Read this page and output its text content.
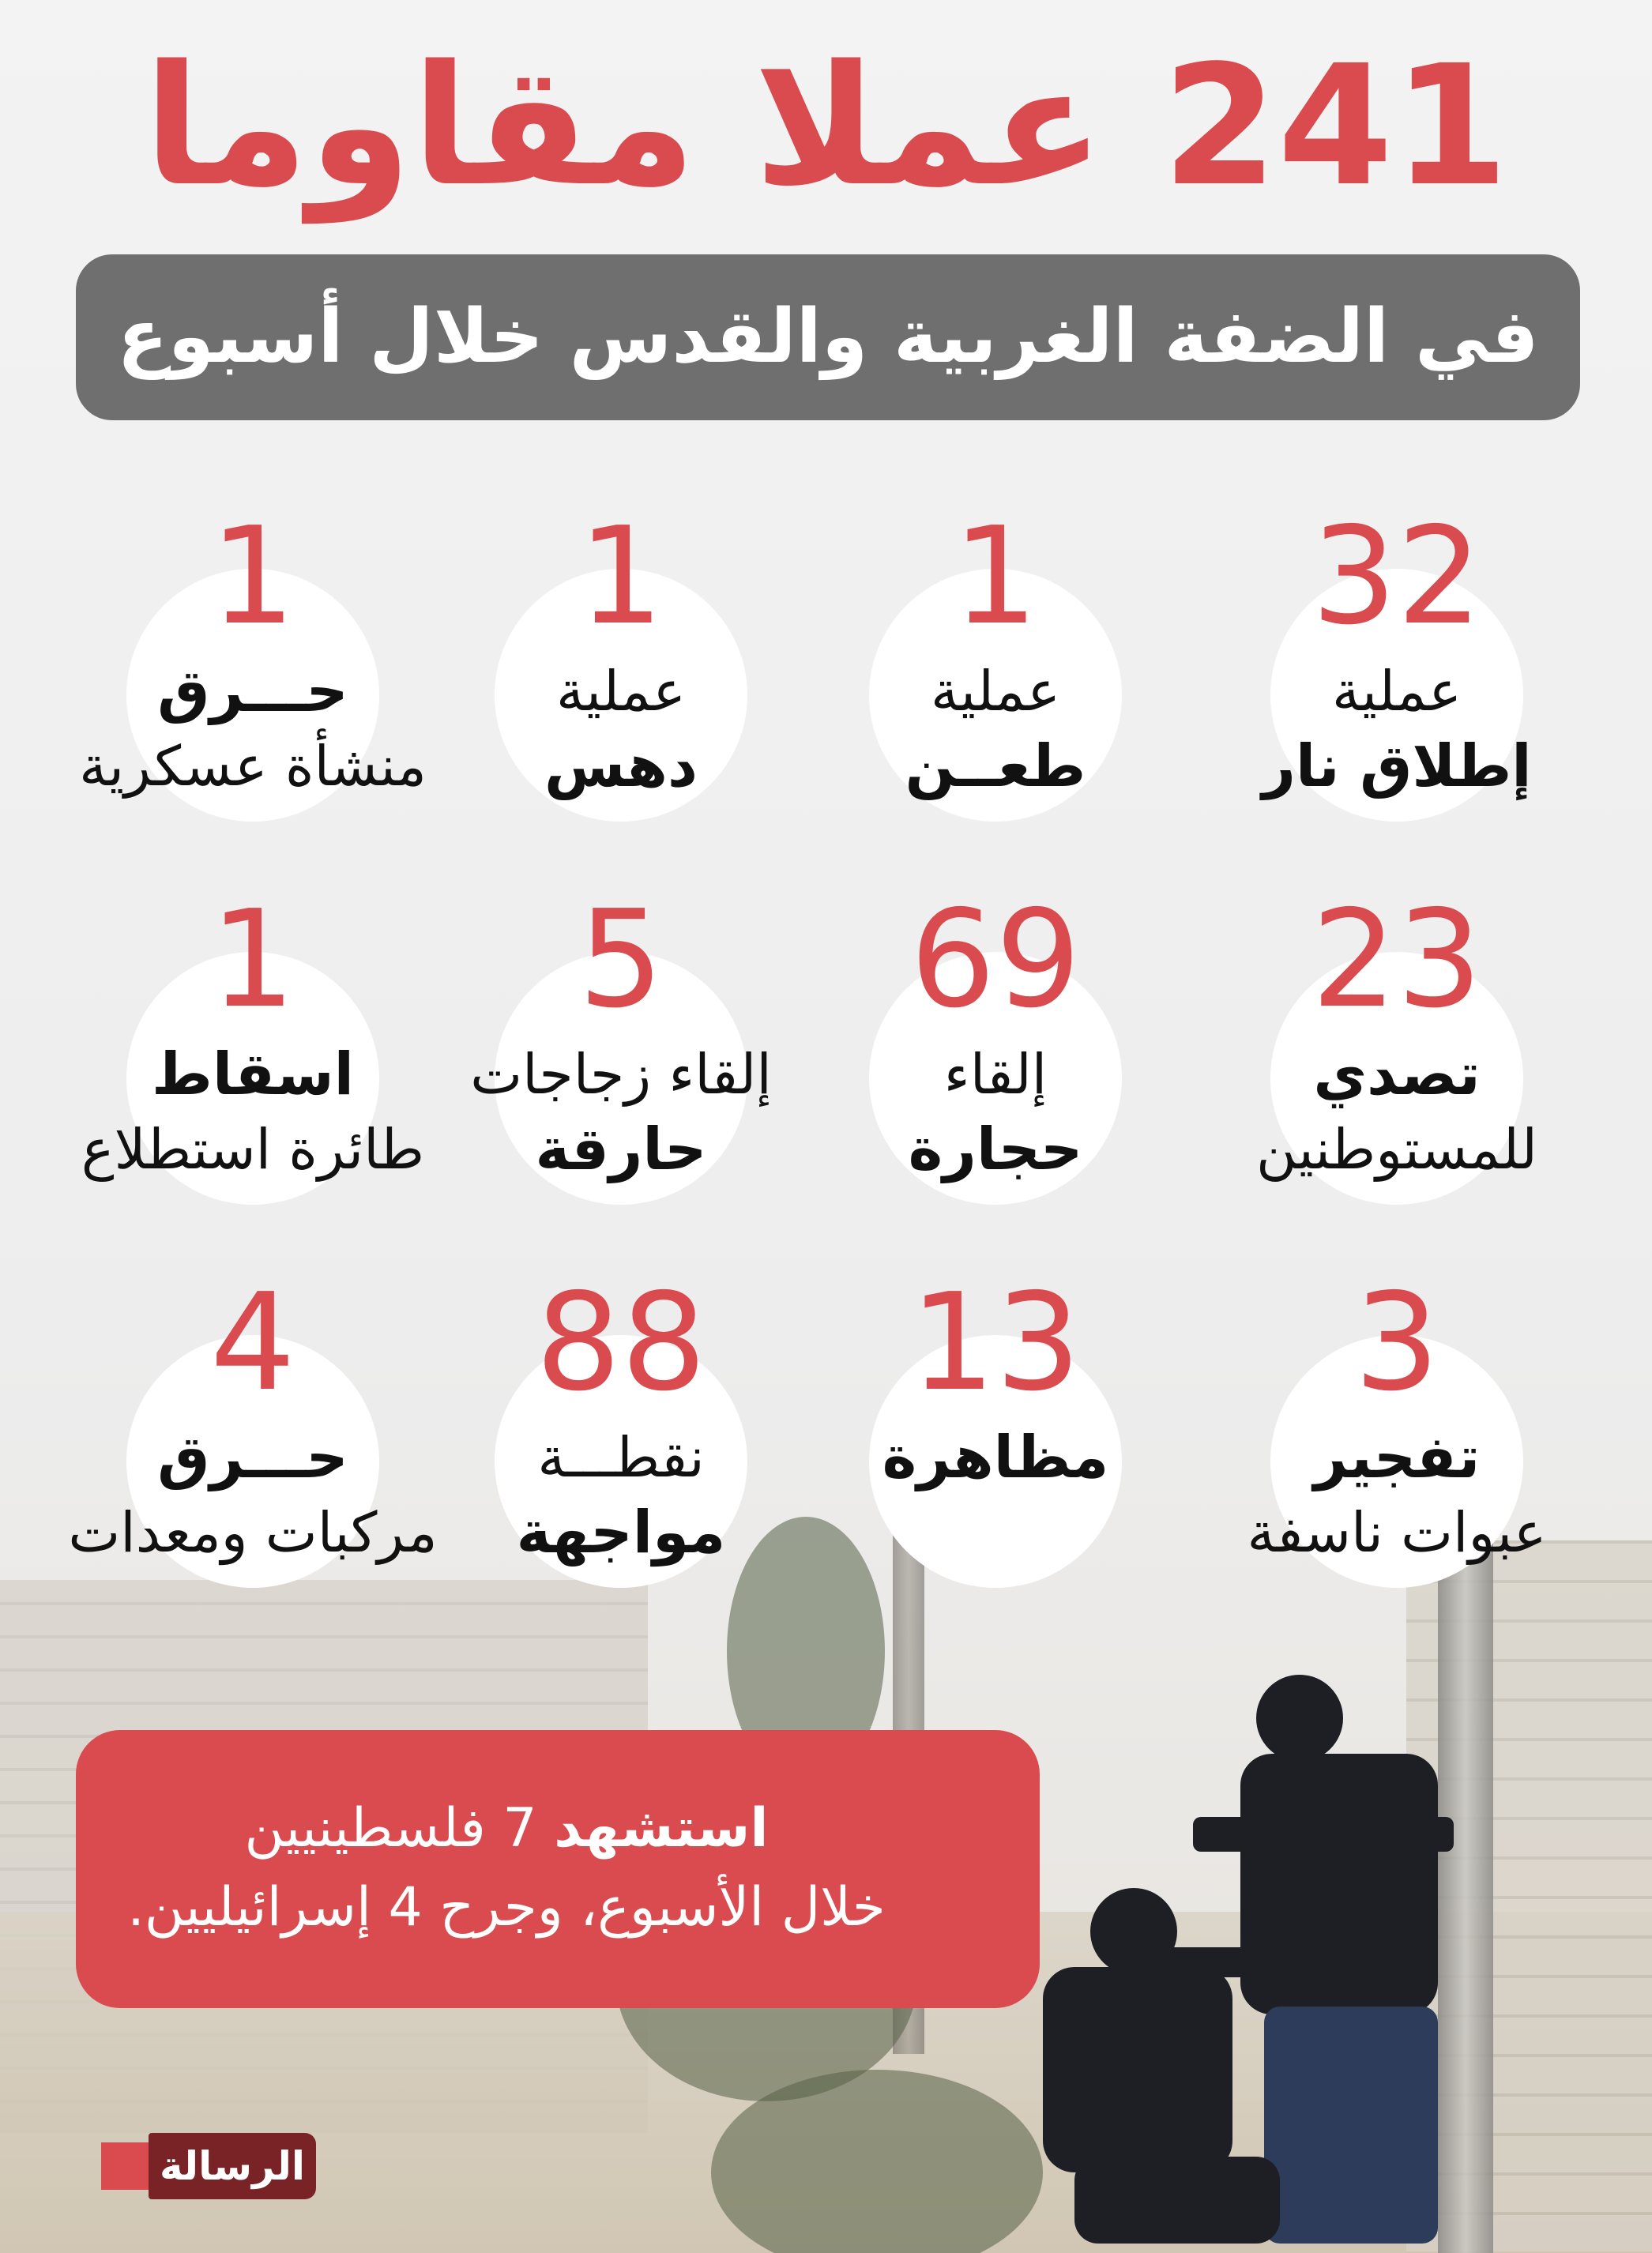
241 عملا مقاوما
في الضفة الغربية والقدس خلال أسبوع
32
عملية
إطلاق نار
1
عملية
طعــن
1
عملية
دهس
1
حـــرق
منشأة عسكرية
23
تصدي
للمستوطنين
69
إلقاء
حجارة
5
إلقاء زجاجات
حارقة
1
اسقاط
طائرة استطلاع
3
تفجير
عبوات ناسفة
13
مظاهرة
88
نقطـــة
مواجهة
4
حـــرق
مركبات ومعدات
استشهد 7 فلسطينيين
خلال الأسبوع، وجرح 4 إسرائيليين.
الرسالة
